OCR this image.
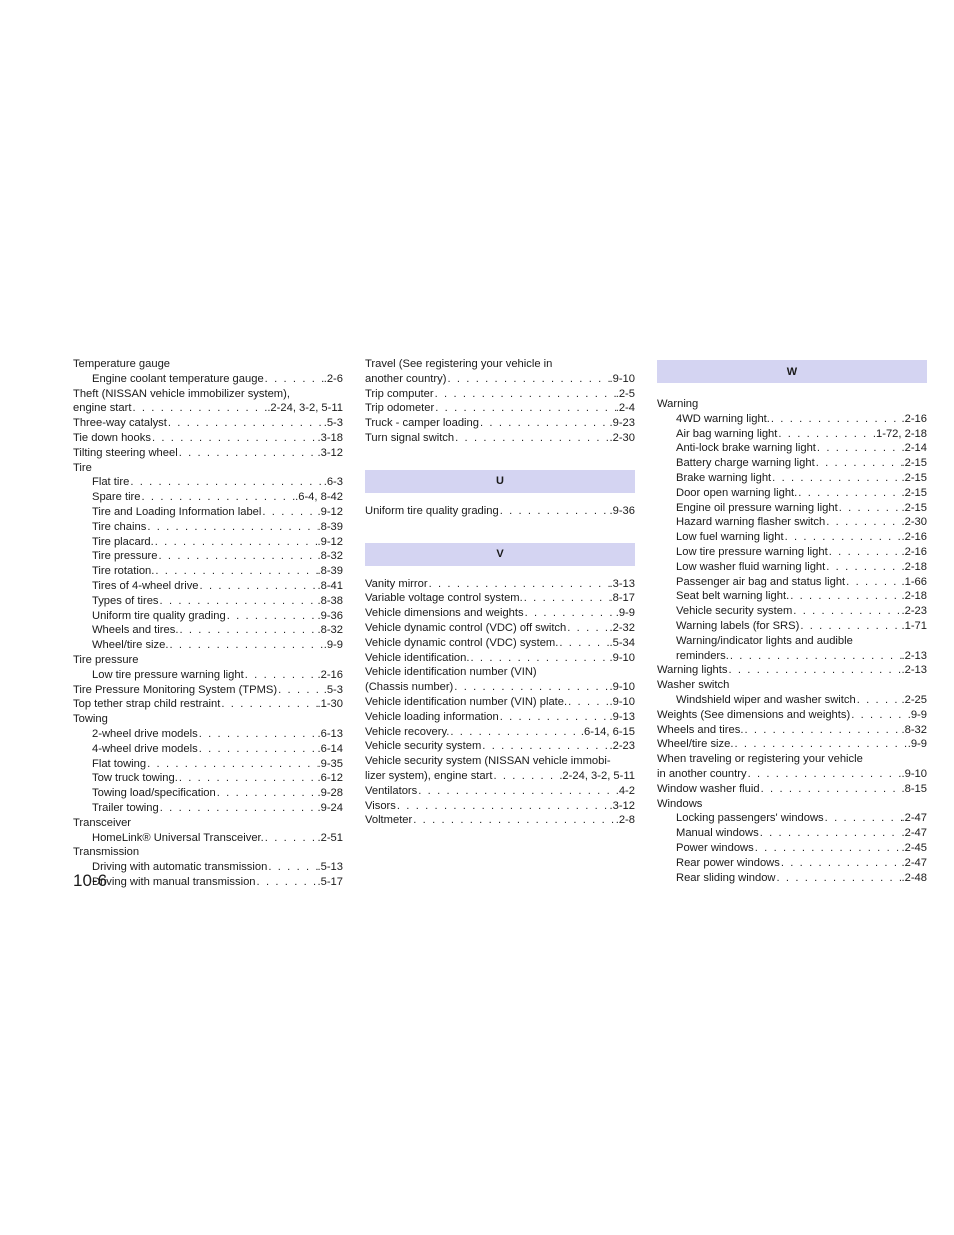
Temperature gauge
Engine coolant temperature gauge . . .	.2-6
Theft (NISSAN vehicle immobilizer system),
engine start . . .	.2-24, 3-2, 5-11
Three-way catalyst . . .	.5-3
Tie down hooks . . .	.3-18
Tilting steering wheel . . .	.3-12
Tire
Flat tire . . .	.6-3
Spare tire . . .	.6-4, 8-42
Tire and Loading Information label . . .	.9-12
Tire chains . . .	.8-39
Tire placard. . . .	.9-12
Tire pressure . . .	.8-32
Tire rotation. . . .	.8-39
Tires of 4-wheel drive . . .	.8-41
Types of tires . . .	.8-38
Uniform tire quality grading . . .	.9-36
Wheels and tires. . . .	.8-32
Wheel/tire size. . . .	.9-9
Tire pressure
Low tire pressure warning light . . .	.2-16
Tire Pressure Monitoring System (TPMS) . . .	.5-3
Top tether strap child restraint . . .	.1-30
Towing
2-wheel drive models . . .	.6-13
4-wheel drive models . . .	.6-14
Flat towing . . .	.9-35
Tow truck towing. . . .	.6-12
Towing load/specification . . .	.9-28
Trailer towing . . .	.9-24
Transceiver
HomeLink® Universal Transceiver. . . .	.2-51
Transmission
Driving with automatic transmission . . .	.5-13
Driving with manual transmission . . .	.5-17
Travel (See registering your vehicle in
another country) . . .	.9-10
Trip computer . . .	.2-5
Trip odometer . . .	.2-4
Truck - camper loading . . .	.9-23
Turn signal switch . . .	.2-30
U
Uniform tire quality grading . . .	.9-36
V
Vanity mirror . . .	.3-13
Variable voltage control system. . . .	.8-17
Vehicle dimensions and weights . . .	.9-9
Vehicle dynamic control (VDC) off switch . . .	.2-32
Vehicle dynamic control (VDC) system. . . .	.5-34
Vehicle identification. . . .	.9-10
Vehicle identification number (VIN)
(Chassis number) . . .	.9-10
Vehicle identification number (VIN) plate. . . .	.9-10
Vehicle loading information . . .	.9-13
Vehicle recovery. . . .	.6-14, 6-15
Vehicle security system . . .	.2-23
Vehicle security system (NISSAN vehicle immobi-
lizer system), engine start . . .	.2-24, 3-2, 5-11
Ventilators . . .	.4-2
Visors . . .	.3-12
Voltmeter . . .	.2-8
W
Warning
4WD warning light. . . .	.2-16
Air bag warning light . . .	.1-72, 2-18
Anti-lock brake warning light . . .	.2-14
Battery charge warning light . . .	.2-15
Brake warning light . . .	.2-15
Door open warning light. . . .	.2-15
Engine oil pressure warning light . . .	.2-15
Hazard warning flasher switch . . .	.2-30
Low fuel warning light . . .	.2-16
Low tire pressure warning light . . .	.2-16
Low washer fluid warning light . . .	.2-18
Passenger air bag and status light . . .	.1-66
Seat belt warning light. . . .	.2-18
Vehicle security system . . .	.2-23
Warning labels (for SRS) . . .	.1-71
Warning/indicator lights and audible
reminders. . . .	.2-13
Warning lights . . .	.2-13
Washer switch
Windshield wiper and washer switch . . .	.2-25
Weights (See dimensions and weights) . . .	.9-9
Wheels and tires. . . .	.8-32
Wheel/tire size. . . .	.9-9
When traveling or registering your vehicle
in another country . . .	.9-10
Window washer fluid . . .	.8-15
Windows
Locking passengers' windows . . .	.2-47
Manual windows . . .	.2-47
Power windows . . .	.2-45
Rear power windows . . .	.2-47
Rear sliding window . . .	.2-48
10-6
